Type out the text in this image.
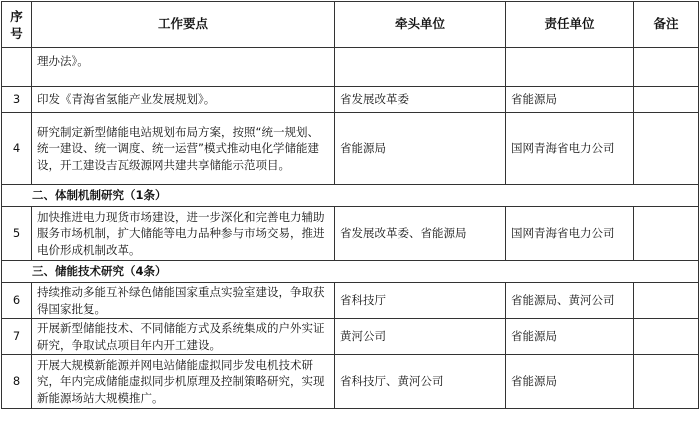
序
号	工作要点	牵头单位	责任单位	备注
	理办法》。			
3	印发《青海省氢能产业发展规划》。	省发展改革委	省能源局	
4	研究制定新型储能电站规划布局方案，按照“统一规划、统一建设、统一调度、统一运营”模式推动电化学储能建设，开工建设吉瓦级源网共建共享储能示范项目。	省能源局	国网青海省电力公司	
二、体制机制研究（1条）				
5	加快推进电力现货市场建设，进一步深化和完善电力辅助服务市场机制，扩大储能等电力品种参与市场交易，推进电价形成机制改革。	省发展改革委、省能源局	国网青海省电力公司	
三、储能技术研究（4条）				
6	持续推动多能互补绿色储能国家重点实验室建设，争取获得国家批复。	省科技厅	省能源局、黄河公司	
7	开展新型储能技术、不同储能方式及系统集成的户外实证研究，争取试点项目年内开工建设。	黄河公司	省能源局	
8	开展大规模新能源并网电站储能虚拟同步发电机技术研究，年内完成储能虚拟同步机原理及控制策略研究，实现新能源场站大规模推广。	省科技厅、黄河公司	省能源局	
